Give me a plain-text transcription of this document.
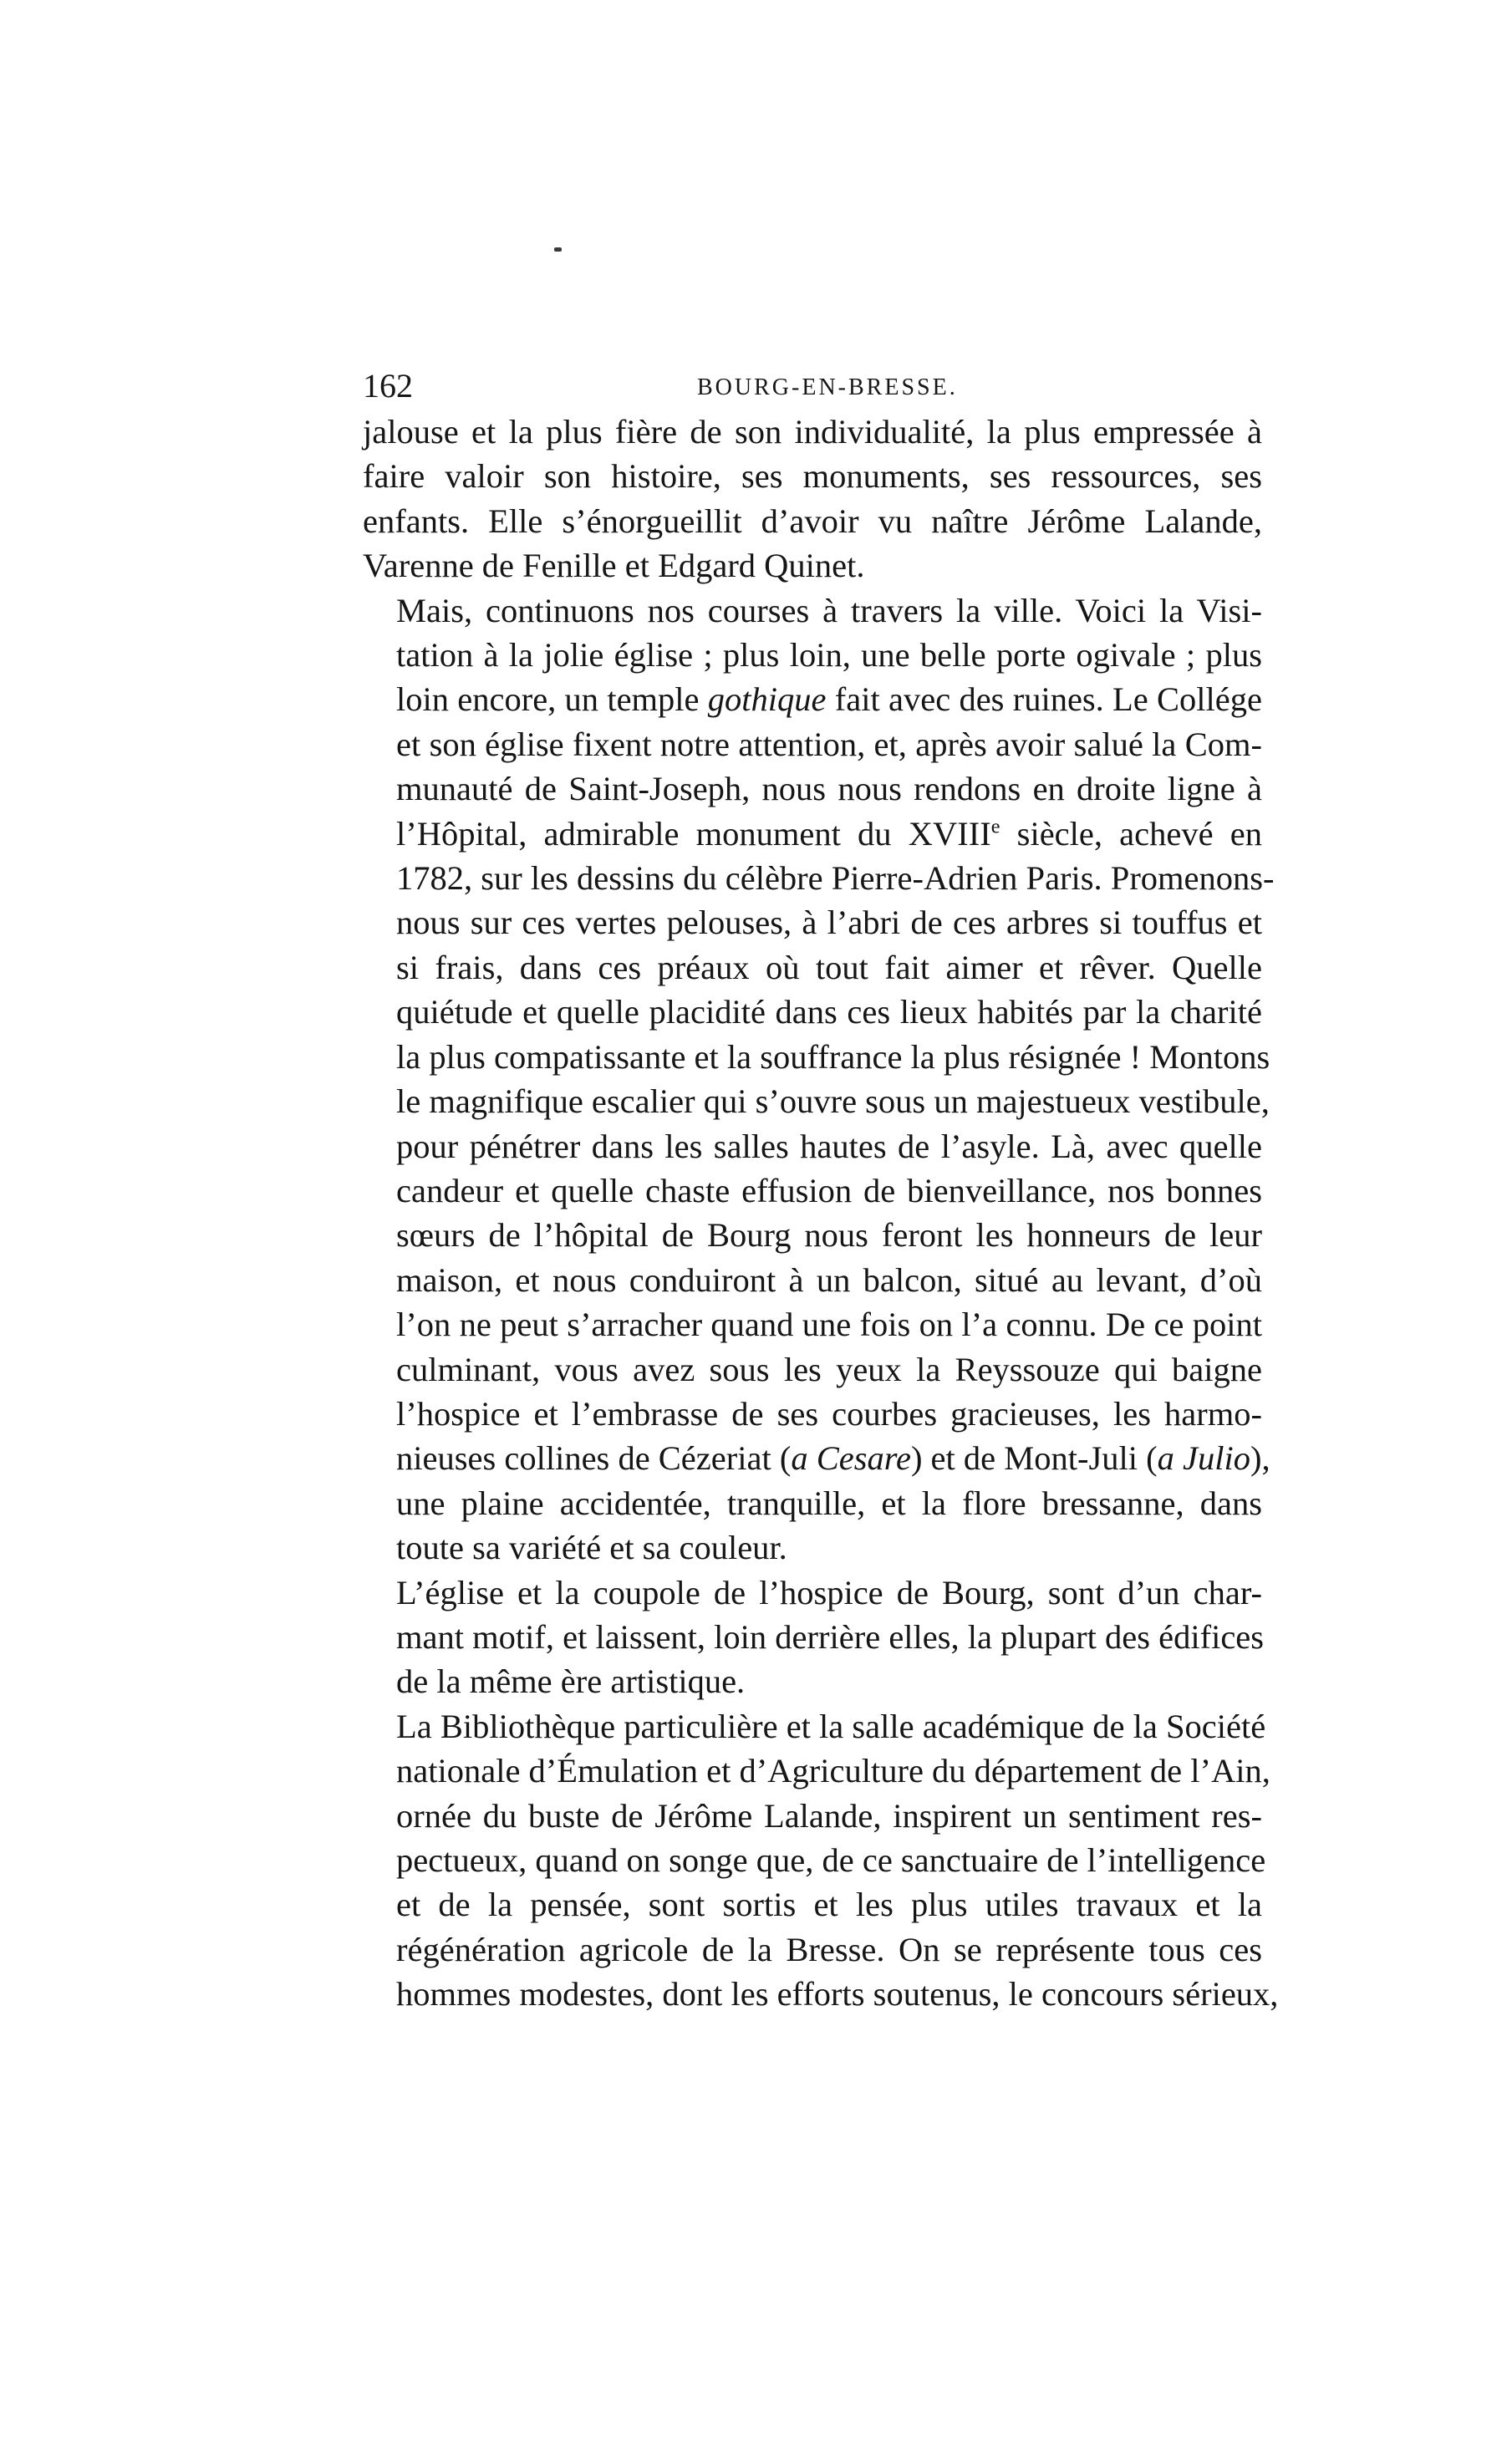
162	BOURG-EN-BRESSE.

jalouse et la plus fière de son individualité, la plus empressée à
faire valoir son histoire, ses monuments, ses ressources, ses
enfants. Elle s’énorgueillit d’avoir vu naître Jérôme Lalande,
Varenne de Fenille et Edgard Quinet.

Mais, continuons nos courses à travers la ville. Voici la Visi-
tation à la jolie église ; plus loin, une belle porte ogivale ; plus
loin encore, un temple gothique fait avec des ruines. Le Collége
et son église fixent notre attention, et, après avoir salué la Com-
munauté de Saint-Joseph, nous nous rendons en droite ligne à
l’Hôpital, admirable monument du XVIIIe siècle, achevé en
1782, sur les dessins du célèbre Pierre-Adrien Paris. Promenons-
nous sur ces vertes pelouses, à l’abri de ces arbres si touffus et
si frais, dans ces préaux où tout fait aimer et rêver. Quelle
quiétude et quelle placidité dans ces lieux habités par la charité
la plus compatissante et la souffrance la plus résignée ! Montons
le magnifique escalier qui s’ouvre sous un majestueux vestibule,
pour pénétrer dans les salles hautes de l’asyle. Là, avec quelle
candeur et quelle chaste effusion de bienveillance, nos bonnes
sœurs de l’hôpital de Bourg nous feront les honneurs de leur
maison, et nous conduiront à un balcon, situé au levant, d’où
l’on ne peut s’arracher quand une fois on l’a connu. De ce point
culminant, vous avez sous les yeux la Reyssouze qui baigne
l’hospice et l’embrasse de ses courbes gracieuses, les harmo-
nieuses collines de Cézeriat (a Cesare) et de Mont-Juli (a Julio),
une plaine accidentée, tranquille, et la flore bressanne, dans
toute sa variété et sa couleur.

L’église et la coupole de l’hospice de Bourg, sont d’un char-
mant motif, et laissent, loin derrière elles, la plupart des édifices
de la même ère artistique.

La Bibliothèque particulière et la salle académique de la Société
nationale d’Émulation et d’Agriculture du département de l’Ain,
ornée du buste de Jérôme Lalande, inspirent un sentiment res-
pectueux, quand on songe que, de ce sanctuaire de l’intelligence
et de la pensée, sont sortis et les plus utiles travaux et la
régénération agricole de la Bresse. On se représente tous ces
hommes modestes, dont les efforts soutenus, le concours sérieux,
